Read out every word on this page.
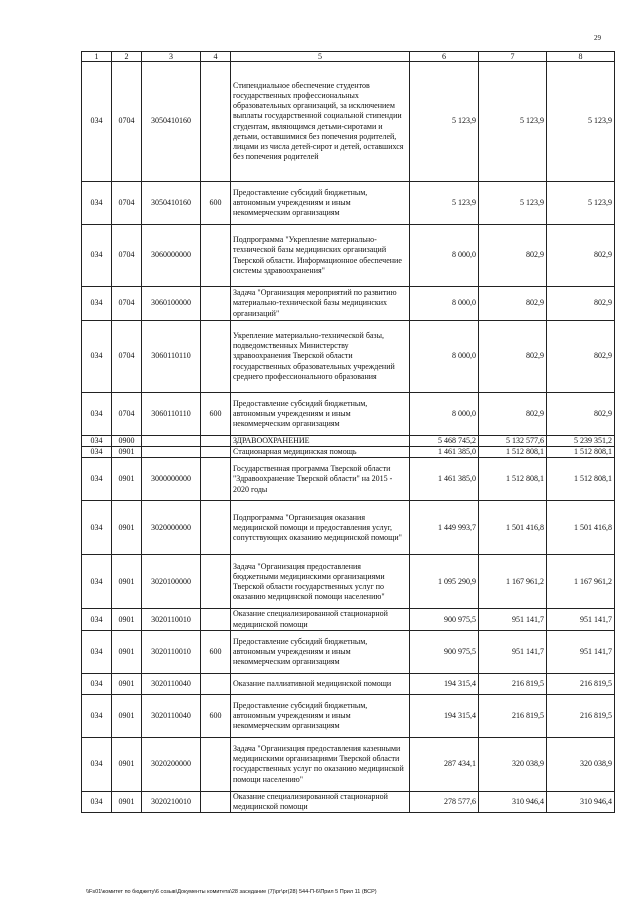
29
1	2	3	4	5	6	7	8
034	0704	3050410160		Стипендиальное обеспечение студентов государственных профессиональных образовательных организаций, за исключением выплаты государственной социальной стипендии студентам, являющимся детьми-сиротами и детьми, оставшимися без попечения родителей, лицами из числа детей-сирот и детей, оставшихся без попечения родителей	5 123,9	5 123,9	5 123,9
034	0704	3050410160	600	Предоставление субсидий бюджетным, автономным учреждениям и иным некоммерческим организациям	5 123,9	5 123,9	5 123,9
034	0704	3060000000		Подпрограмма "Укрепление материально-технической базы медицинских организаций Тверской области. Информационное обеспечение системы здравоохранения"	8 000,0	802,9	802,9
034	0704	3060100000		Задача "Организация мероприятий по развитию материально-технической базы медицинских организаций"	8 000,0	802,9	802,9
034	0704	3060110110		Укрепление материально-технической базы, подведомственных Министерству здравоохранения Тверской области государственных образовательных учреждений среднего профессионального образования	8 000,0	802,9	802,9
034	0704	3060110110	600	Предоставление субсидий бюджетным, автономным учреждениям и иным некоммерческим организациям	8 000,0	802,9	802,9
034	0900			ЗДРАВООХРАНЕНИЕ	5 468 745,2	5 132 577,6	5 239 351,2
034	0901			Стационарная медицинская помощь	1 461 385,0	1 512 808,1	1 512 808,1
034	0901	3000000000		Государственная программа Тверской области "Здравоохранение Тверской области" на 2015 - 2020 годы	1 461 385,0	1 512 808,1	1 512 808,1
034	0901	3020000000		Подпрограмма "Организация оказания медицинской помощи и предоставления услуг, сопутствующих оказанию медицинской помощи"	1 449 993,7	1 501 416,8	1 501 416,8
034	0901	3020100000		Задача "Организация предоставления бюджетными медицинскими организациями Тверской области государственных услуг по оказанию медицинской помощи населению"	1 095 290,9	1 167 961,2	1 167 961,2
034	0901	3020110010		Оказание специализированной стационарной медицинской помощи	900 975,5	951 141,7	951 141,7
034	0901	3020110010	600	Предоставление субсидий бюджетным, автономным учреждениям и иным некоммерческим организациям	900 975,5	951 141,7	951 141,7
034	0901	3020110040		Оказание паллиативной медицинской помощи	194 315,4	216 819,5	216 819,5
034	0901	3020110040	600	Предоставление субсидий бюджетным, автономным учреждениям и иным некоммерческим организациям	194 315,4	216 819,5	216 819,5
034	0901	3020200000		Задача "Организация предоставления казенными медицинскими организациями Тверской области государственных услуг по оказанию медицинской помощи населению"	287 434,1	320 038,9	320 038,9
034	0901	3020210010		Оказание специализированной стационарной медицинской помощи	278 577,6	310 946,4	310 946,4
\\Fs01\комитет по бюджету\6 созыв\Документы комитета\28 заседание (7)\рг\рг(28) 544-П-6\Прил 5 Прил 11 (ВСР)
